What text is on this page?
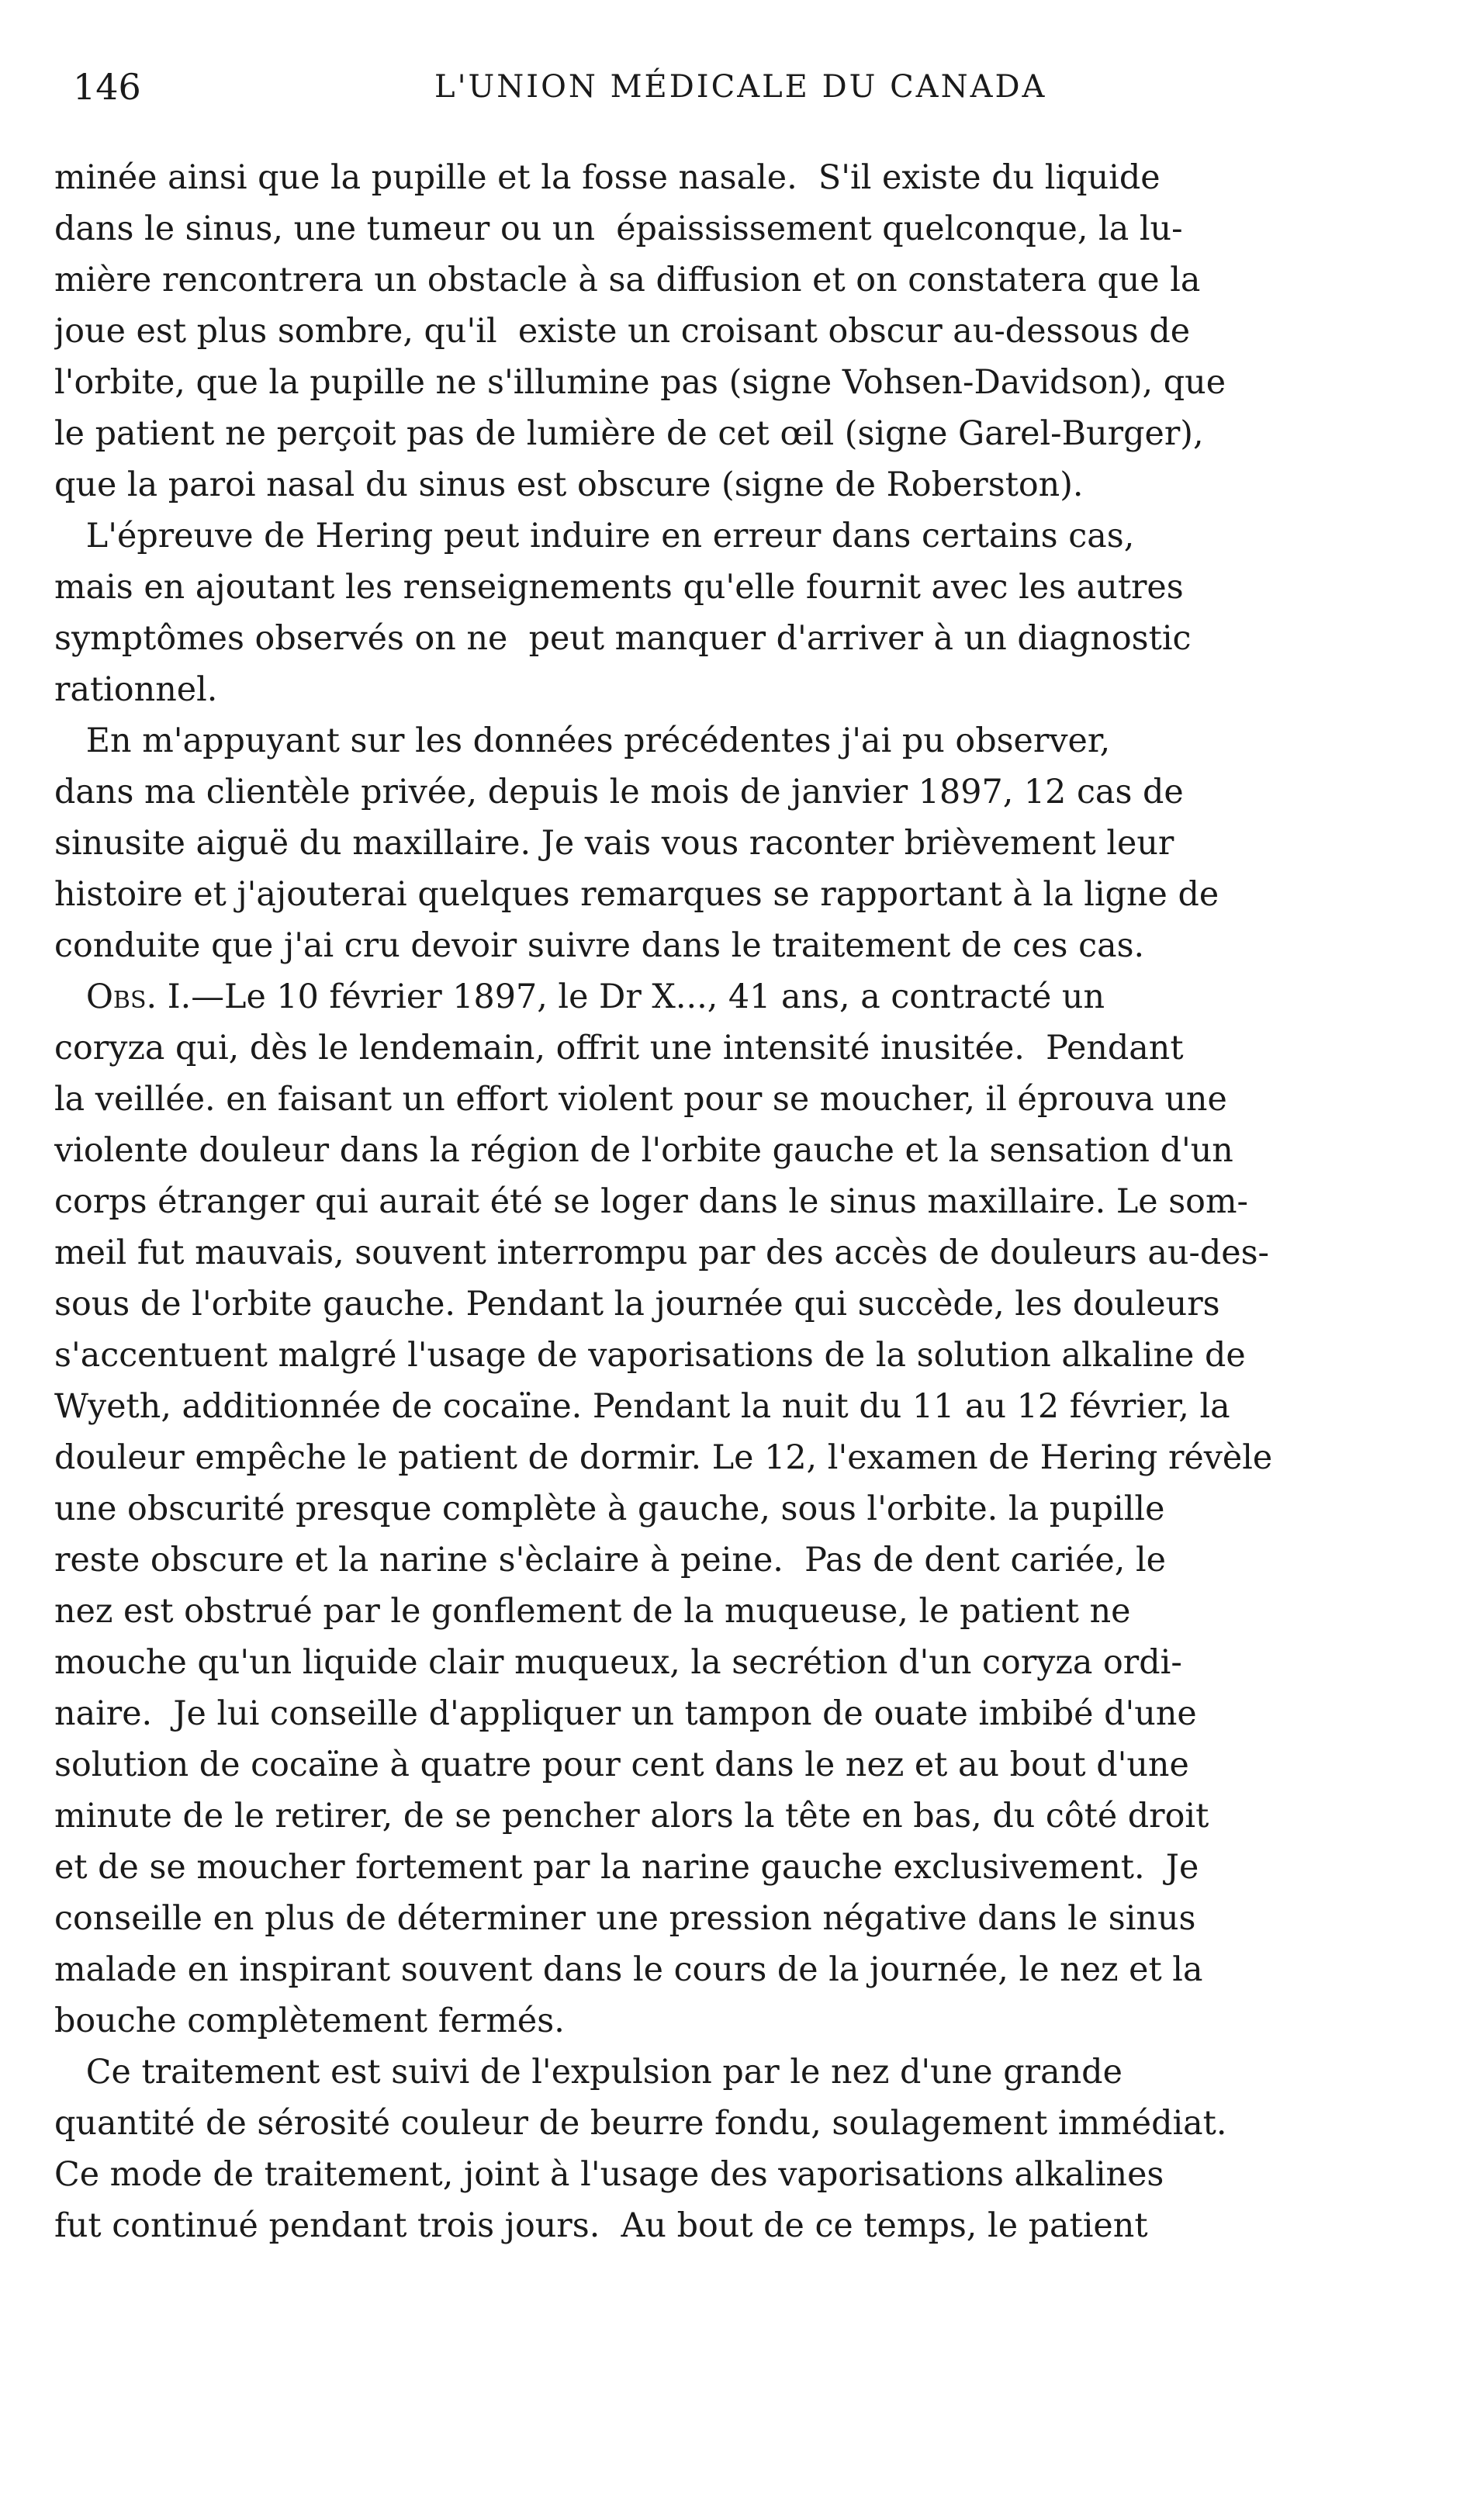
146	L'UNION MÉDICALE DU CANADA
minée ainsi que la pupille et la fosse nasale.  S'il existe du liquide
dans le sinus, une tumeur ou un  épaississement quelconque, la lu-
mière rencontrera un obstacle à sa diffusion et on constatera que la
joue est plus sombre, qu'il  existe un croisant obscur au-dessous de
l'orbite, que la pupille ne s'illumine pas (signe Vohsen-Davidson), que
le patient ne perçoit pas de lumière de cet œil (signe Garel-Burger),
que la paroi nasal du sinus est obscure (signe de Roberston).
L'épreuve de Hering peut induire en erreur dans certains cas,
mais en ajoutant les renseignements qu'elle fournit avec les autres
symptômes observés on ne  peut manquer d'arriver à un diagnostic
rationnel.
En m'appuyant sur les données précédentes j'ai pu observer,
dans ma clientèle privée, depuis le mois de janvier 1897, 12 cas de
sinusite aiguë du maxillaire. Je vais vous raconter brièvement leur
histoire et j'ajouterai quelques remarques se rapportant à la ligne de
conduite que j'ai cru devoir suivre dans le traitement de ces cas.
Obs. I.—Le 10 février 1897, le Dr X..., 41 ans, a contracté un
coryza qui, dès le lendemain, offrit une intensité inusitée.  Pendant
la veillée. en faisant un effort violent pour se moucher, il éprouva une
violente douleur dans la région de l'orbite gauche et la sensation d'un
corps étranger qui aurait été se loger dans le sinus maxillaire. Le som-
meil fut mauvais, souvent interrompu par des accès de douleurs au-des-
sous de l'orbite gauche. Pendant la journée qui succède, les douleurs
s'accentuent malgré l'usage de vaporisations de la solution alkaline de
Wyeth, additionnée de cocaïne. Pendant la nuit du 11 au 12 février, la
douleur empêche le patient de dormir. Le 12, l'examen de Hering révèle
une obscurité presque complète à gauche, sous l'orbite. la pupille
reste obscure et la narine s'èclaire à peine.  Pas de dent cariée, le
nez est obstrué par le gonflement de la muqueuse, le patient ne
mouche qu'un liquide clair muqueux, la secrétion d'un coryza ordi-
naire.  Je lui conseille d'appliquer un tampon de ouate imbibé d'une
solution de cocaïne à quatre pour cent dans le nez et au bout d'une
minute de le retirer, de se pencher alors la tête en bas, du côté droit
et de se moucher fortement par la narine gauche exclusivement.  Je
conseille en plus de déterminer une pression négative dans le sinus
malade en inspirant souvent dans le cours de la journée, le nez et la
bouche complètement fermés.
Ce traitement est suivi de l'expulsion par le nez d'une grande
quantité de sérosité couleur de beurre fondu, soulagement immédiat.
Ce mode de traitement, joint à l'usage des vaporisations alkalines
fut continué pendant trois jours.  Au bout de ce temps, le patient
